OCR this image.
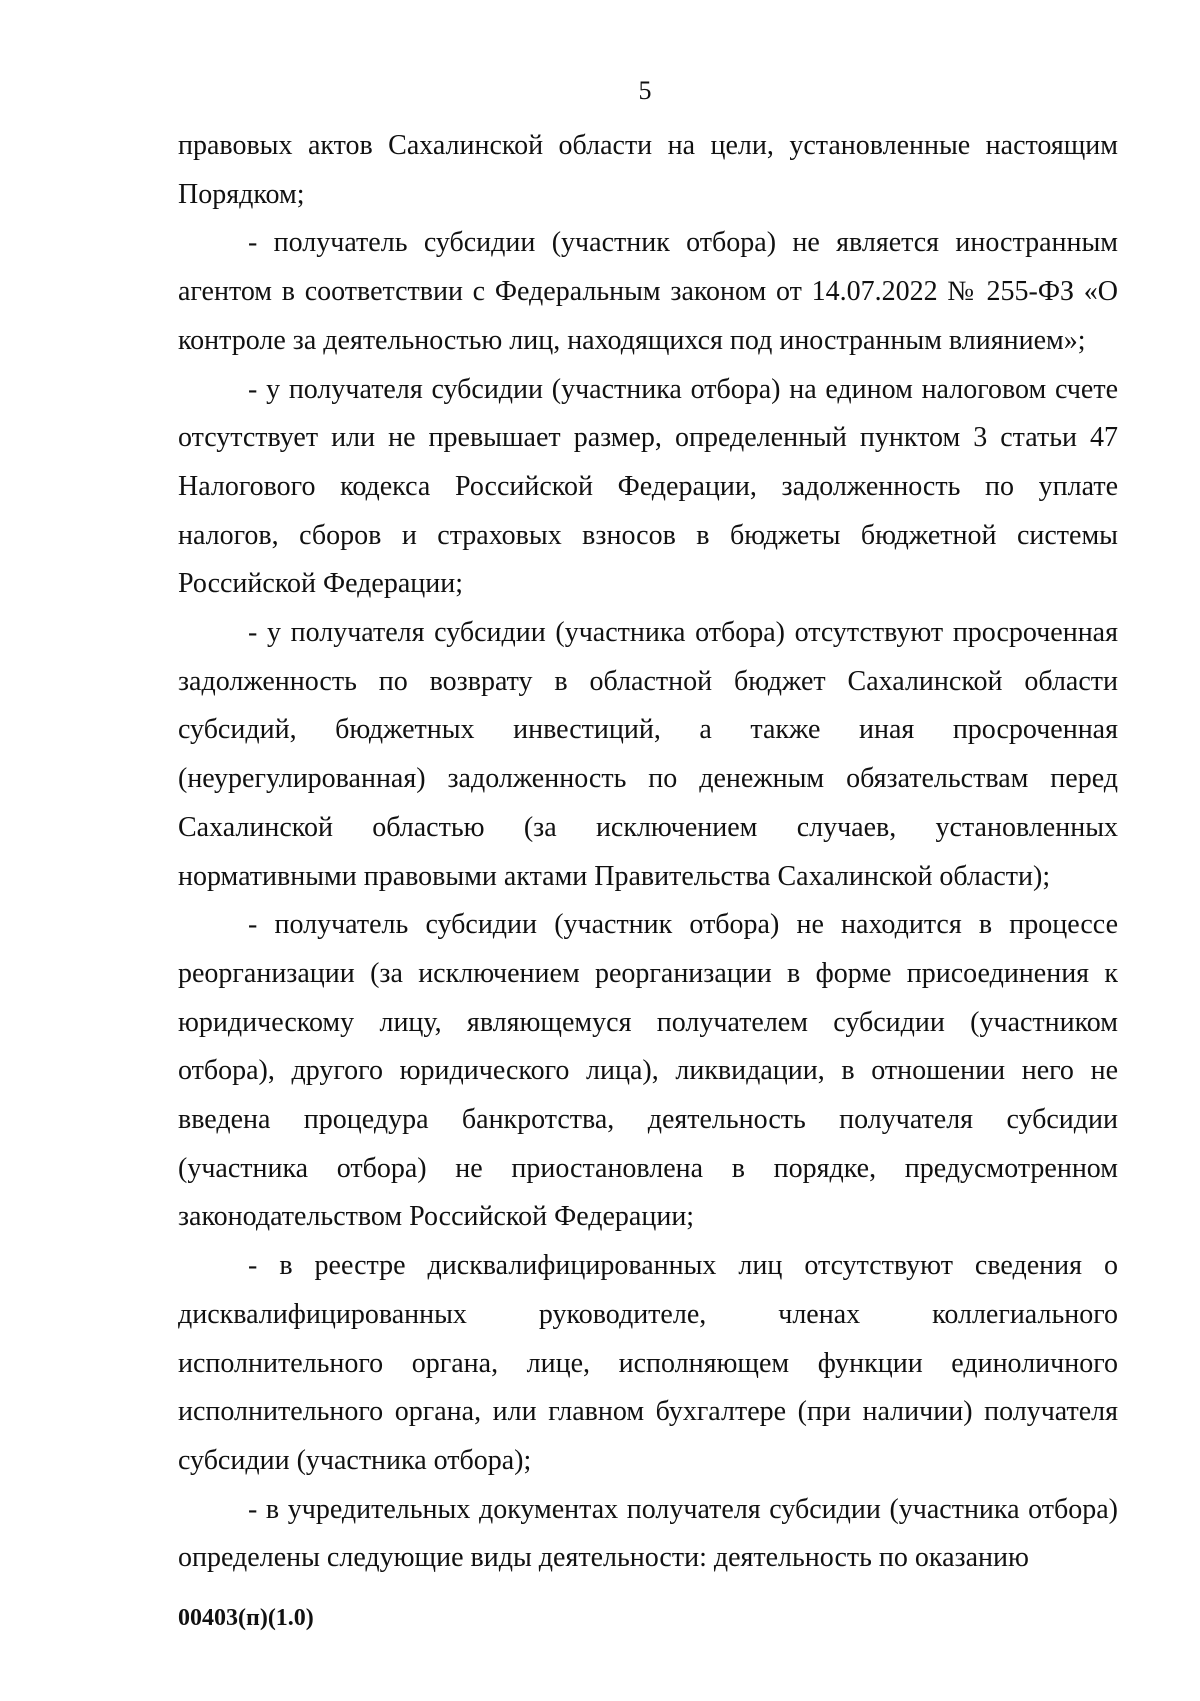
5

правовых актов Сахалинской области на цели, установленные настоящим Порядком;

- получатель субсидии (участник отбора) не является иностранным агентом в соответствии с Федеральным законом от 14.07.2022 № 255-ФЗ «О контроле за деятельностью лиц, находящихся под иностранным влиянием»;

- у получателя субсидии (участника отбора) на едином налоговом счете отсутствует или не превышает размер, определенный пунктом 3 статьи 47 Налогового кодекса Российской Федерации, задолженность по уплате налогов, сборов и страховых взносов в бюджеты бюджетной системы Российской Федерации;

- у получателя субсидии (участника отбора) отсутствуют просроченная задолженность по возврату в областной бюджет Сахалинской области субсидий, бюджетных инвестиций, а также иная просроченная (неурегулированная) задолженность по денежным обязательствам перед Сахалинской областью (за исключением случаев, установленных нормативными правовыми актами Правительства Сахалинской области);

- получатель субсидии (участник отбора) не находится в процессе реорганизации (за исключением реорганизации в форме присоединения к юридическому лицу, являющемуся получателем субсидии (участником отбора), другого юридического лица), ликвидации, в отношении него не введена процедура банкротства, деятельность получателя субсидии (участника отбора) не приостановлена в порядке, предусмотренном законодательством Российской Федерации;

- в реестре дисквалифицированных лиц отсутствуют сведения о дисквалифицированных руководителе, членах коллегиального исполнительного органа, лице, исполняющем функции единоличного исполнительного органа, или главном бухгалтере (при наличии) получателя субсидии (участника отбора);

- в учредительных документах получателя субсидии (участника отбора) определены следующие виды деятельности: деятельность по оказанию

00403(п)(1.0)
